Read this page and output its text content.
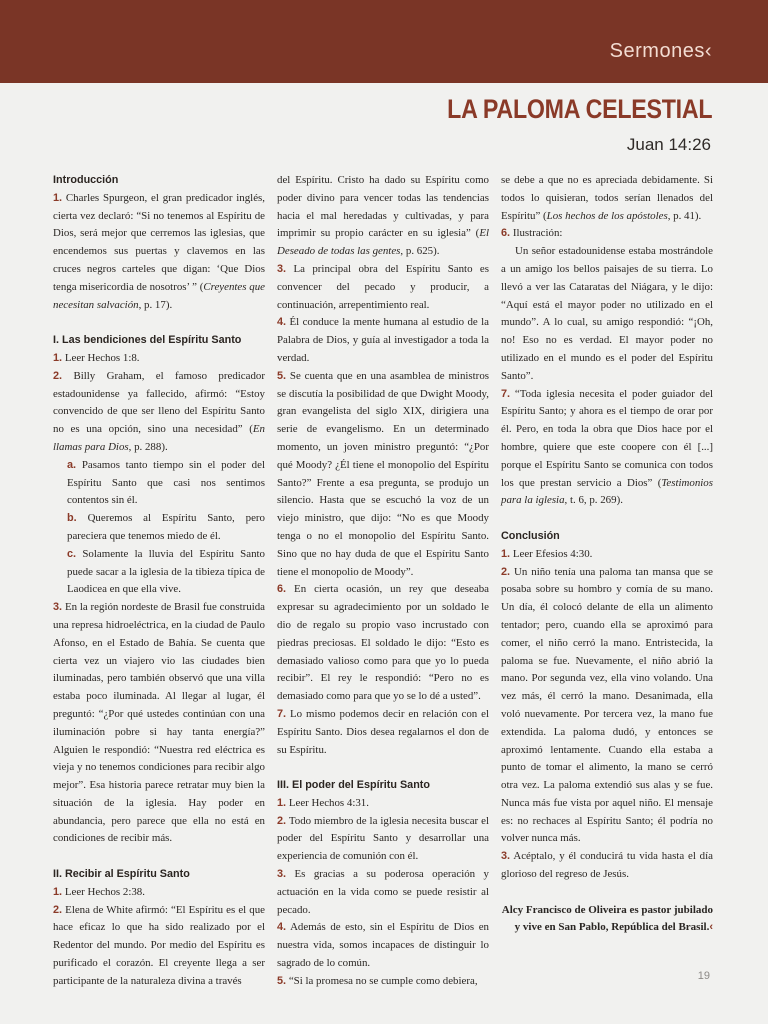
Sermones‹
LA PALOMA CELESTIAL
Juan 14:26

Introducción

1. Charles Spurgeon, el gran predicador inglés, cierta vez declaró: “Si no tenemos al Espíritu de Dios, será mejor que cerremos las iglesias, que encendemos sus puertas y clavemos en las cruces negros carteles que digan: ‘Que Dios tenga misericordia de nosotros’ ” (Creyentes que necesitan salvación, p. 17).

I. Las bendiciones del Espíritu Santo

1. Leer Hechos 1:8.

2. Billy Graham, el famoso predicador estadounidense ya fallecido, afirmó: “Estoy convencido de que ser lleno del Espíritu Santo no es una opción, sino una necesidad” (En llamas para Dios, p. 288).

a. Pasamos tanto tiempo sin el poder del Espíritu Santo que casi nos sentimos contentos sin él.

b. Queremos al Espíritu Santo, pero pareciera que tenemos miedo de él.

c. Solamente la lluvia del Espíritu Santo puede sacar a la iglesia de la tibieza típica de Laodicea en que ella vive.

3. En la región nordeste de Brasil fue construida una represa hidroeléctrica, en la ciudad de Paulo Afonso, en el Estado de Bahía. Se cuenta que cierta vez un viajero vio las ciudades bien iluminadas, pero también observó que una villa estaba poco iluminada. Al llegar al lugar, él preguntó: “¿Por qué ustedes continúan con una iluminación pobre si hay tanta energía?” Alguien le respondió: “Nuestra red eléctrica es vieja y no tenemos condiciones para recibir algo mejor”. Esa historia parece retratar muy bien la situación de la iglesia. Hay poder en abundancia, pero parece que ella no está en condiciones de recibir más.

II. Recibir al Espíritu Santo

1. Leer Hechos 2:38.

2. Elena de White afirmó: “El Espíritu es el que hace eficaz lo que ha sido realizado por el Redentor del mundo. Por medio del Espíritu es purificado el corazón. El creyente llega a ser participante de la naturaleza divina a través

del Espíritu. Cristo ha dado su Espíritu como poder divino para vencer todas las tendencias hacia el mal heredadas y cultivadas, y para imprimir su propio carácter en su iglesia” (El Deseado de todas las gentes, p. 625).

3. La principal obra del Espíritu Santo es convencer del pecado y producir, a continuación, arrepentimiento real.

4. Él conduce la mente humana al estudio de la Palabra de Dios, y guía al investigador a toda la verdad.

5. Se cuenta que en una asamblea de ministros se discutía la posibilidad de que Dwight Moody, gran evangelista del siglo XIX, dirigiera una serie de evangelismo. En un determinado momento, un joven ministro preguntó: “¿Por qué Moody? ¿Él tiene el monopolio del Espíritu Santo?” Frente a esa pregunta, se produjo un silencio. Hasta que se escuchó la voz de un viejo ministro, que dijo: “No es que Moody tenga o no el monopolio del Espíritu Santo. Sino que no hay duda de que el Espíritu Santo tiene el monopolio de Moody”.

6. En cierta ocasión, un rey que deseaba expresar su agradecimiento por un soldado le dio de regalo su propio vaso incrustado con piedras preciosas. El soldado le dijo: “Esto es demasiado valioso como para que yo lo pueda recibir”. El rey le respondió: “Pero no es demasiado como para que yo se lo dé a usted”.

7. Lo mismo podemos decir en relación con el Espíritu Santo. Dios desea regalarnos el don de su Espíritu.

III. El poder del Espíritu Santo

1. Leer Hechos 4:31.

2. Todo miembro de la iglesia necesita buscar el poder del Espíritu Santo y desarrollar una experiencia de comunión con él.

3. Es gracias a su poderosa operación y actuación en la vida como se puede resistir al pecado.

4. Además de esto, sin el Espíritu de Dios en nuestra vida, somos incapaces de distinguir lo sagrado de lo común.

5. “Si la promesa no se cumple como debiera,

se debe a que no es apreciada debidamente. Si todos lo quisieran, todos serían llenados del Espíritu” (Los hechos de los apóstoles, p. 41).

6. Ilustración:

Un señor estadounidense estaba mostrándole a un amigo los bellos paisajes de su tierra. Lo llevó a ver las Cataratas del Niágara, y le dijo: “Aquí está el mayor poder no utilizado en el mundo”. A lo cual, su amigo respondió: “¡Oh, no! Eso no es verdad. El mayor poder no utilizado en el mundo es el poder del Espíritu Santo”.

7. “Toda iglesia necesita el poder guiador del Espíritu Santo; y ahora es el tiempo de orar por él. Pero, en toda la obra que Dios hace por el hombre, quiere que este coopere con él [...] porque el Espíritu Santo se comunica con todos los que prestan servicio a Dios” (Testimonios para la iglesia, t. 6, p. 269).

Conclusión

1. Leer Efesios 4:30.

2. Un niño tenía una paloma tan mansa que se posaba sobre su hombro y comía de su mano. Un día, él colocó delante de ella un alimento tentador; pero, cuando ella se aproximó para comer, el niño cerró la mano. Entristecida, la paloma se fue. Nuevamente, el niño abrió la mano. Por segunda vez, ella vino volando. Una vez más, él cerró la mano. Desanimada, ella voló nuevamente. Por tercera vez, la mano fue extendida. La paloma dudó, y entonces se aproximó lentamente. Cuando ella estaba a punto de tomar el alimento, la mano se cerró otra vez. La paloma extendió sus alas y se fue. Nunca más fue vista por aquel niño. El mensaje es: no rechaces al Espíritu Santo; él podría no volver nunca más.

3. Acéptalo, y él conducirá tu vida hasta el día glorioso del regreso de Jesús.

Alcy Francisco de Oliveira es pastor jubilado y vive en San Pablo, República del Brasil.‹

19
